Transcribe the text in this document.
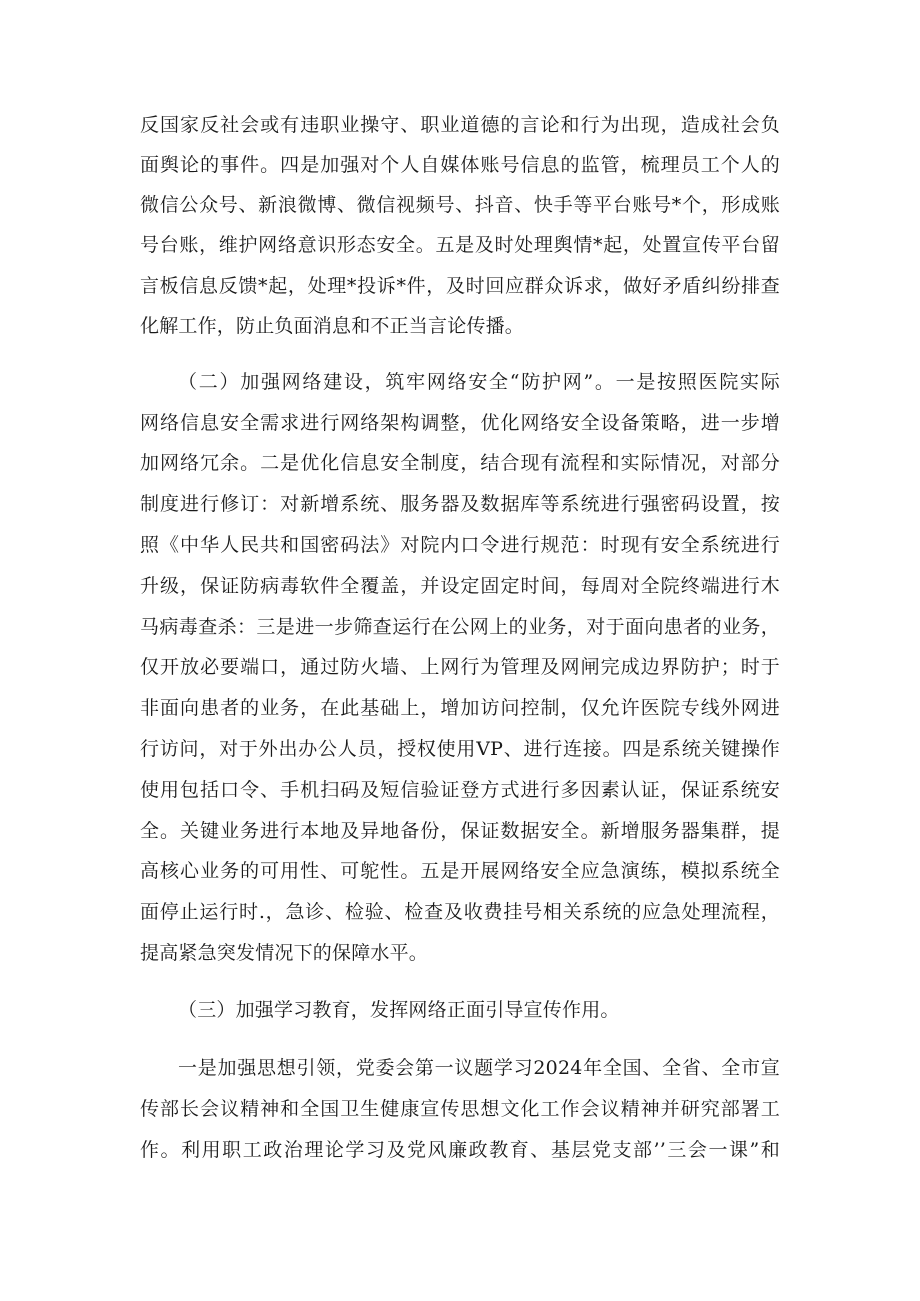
反国家反社会或有违职业操守、职业道德的言论和行为出现，造成社会负
面舆论的事件。四是加强对个人自媒体账号信息的监管，梳理员工个人的
微信公众号、新浪微博、微信视频号、抖音、快手等平台账号*个，形成账
号台账，维护网络意识形态安全。五是及时处理舆情*起，处置宣传平台留
言板信息反馈*起，处理*投诉*件，及时回应群众诉求，做好矛盾纠纷排查
化解工作，防止负面消息和不正当言论传播。
（二）加强网络建设，筑牢网络安全“防护网”。一是按照医院实际
网络信息安全需求进行网络架构调整，优化网络安全设备策略，进一步增
加网络冗余。二是优化信息安全制度，结合现有流程和实际情况，对部分
制度进行修订：对新增系统、服务器及数据库等系统进行强密码设置，按
照《中华人民共和国密码法》对院内口令进行规范：时现有安全系统进行
升级，保证防病毒软件全覆盖，并设定固定时间，每周对全院终端进行木
马病毒查杀：三是进一步筛查运行在公网上的业务，对于面向患者的业务，
仅开放必要端口，通过防火墙、上网行为管理及网闸完成边界防护；时于
非面向患者的业务，在此基础上，增加访问控制，仅允许医院专线外网进
行访问，对于外出办公人员，授权使用VP、进行连接。四是系统关键操作
使用包括口令、手机扫码及短信验证登方式进行多因素认证，保证系统安
全。关键业务进行本地及异地备份，保证数据安全。新增服务器集群，提
高核心业务的可用性、可鸵性。五是开展网络安全应急演练，模拟系统全
面停止运行时.，急诊、检验、检查及收费挂号相关系统的应急处理流程，
提高紧急突发情况下的保障水平。
（三）加强学习教育，发挥网络正面引导宣传作用。
一是加强思想引领，党委会第一议题学习2024年全国、全省、全市宣
传部长会议精神和全国卫生健康宣传思想文化工作会议精神并研究部署工
作。利用职工政治理论学习及党风廉政教育、基层党支部’’三会一课”和
